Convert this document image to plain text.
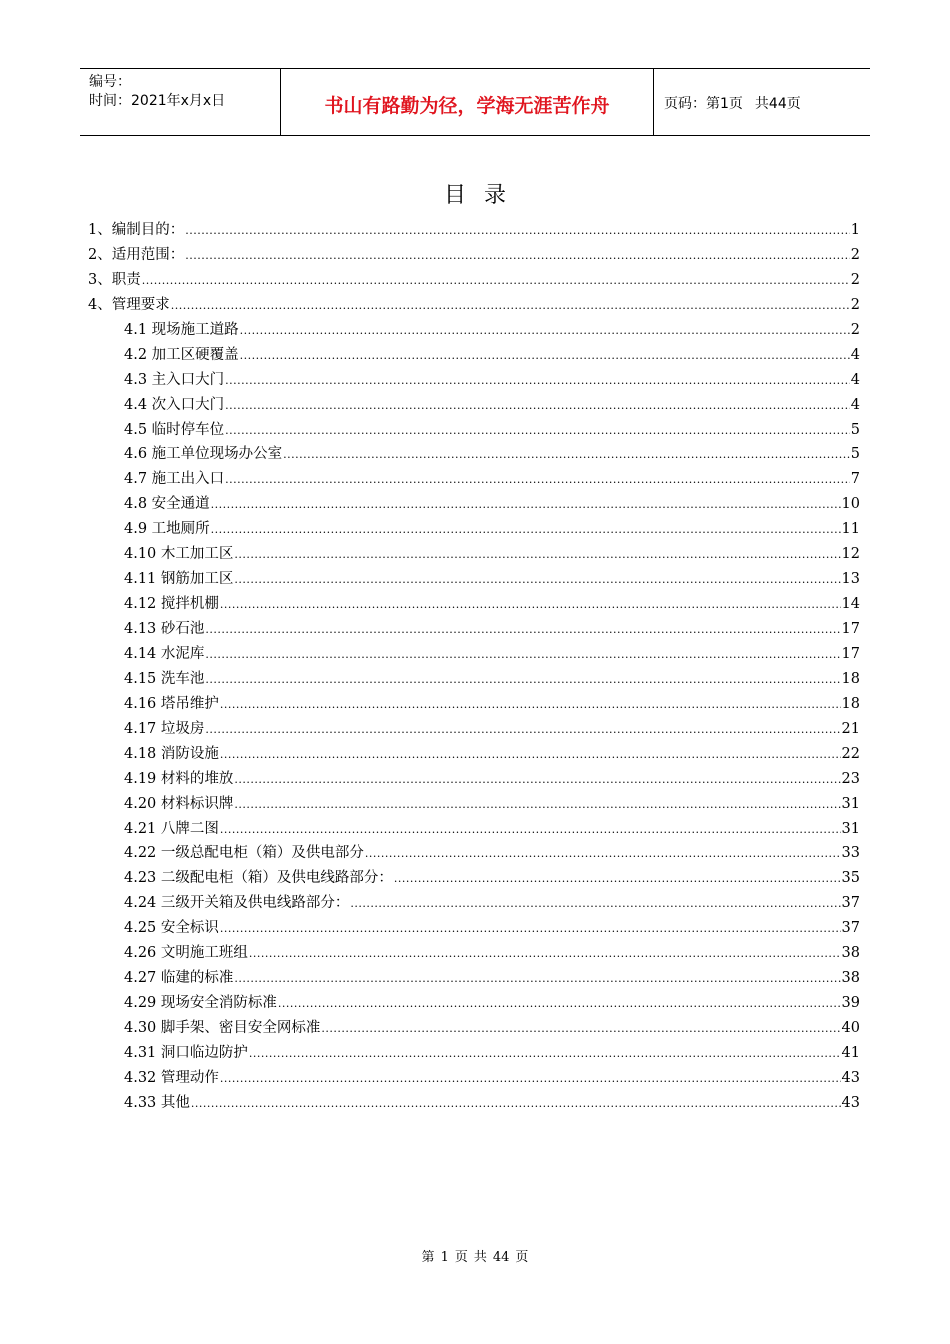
编号：
时间：2021年x月x日	书山有路勤为径，学海无涯苦作舟	页码：第1页 共44页
目录
1、编制目的： .....	1
2、适用范围： .....	2
3、职责 .....	2
4、管理要求 .....	2
4.1 现场施工道路 .....	2
4.2 加工区硬覆盖 .....	4
4.3 主入口大门 .....	4
4.4 次入口大门 .....	4
4.5 临时停车位 .....	5
4.6 施工单位现场办公室 .....	5
4.7 施工出入口 .....	7
4.8 安全通道 .....	10
4.9 工地厕所 .....	11
4.10 木工加工区 .....	12
4.11 钢筋加工区 .....	13
4.12 搅拌机棚 .....	14
4.13 砂石池 .....	17
4.14 水泥库 .....	17
4.15 洗车池 .....	18
4.16 塔吊维护 .....	18
4.17 垃圾房 .....	21
4.18 消防设施 .....	22
4.19 材料的堆放 .....	23
4.20 材料标识牌 .....	31
4.21 八牌二图 .....	31
4.22 一级总配电柜（箱）及供电部分 .....	33
4.23 二级配电柜（箱）及供电线路部分： .....	35
4.24 三级开关箱及供电线路部分： .....	37
4.25 安全标识 .....	37
4.26 文明施工班组 .....	38
4.27 临建的标准 .....	38
4.29 现场安全消防标准 .....	39
4.30 脚手架、密目安全网标准 .....	40
4.31 洞口临边防护 .....	41
4.32 管理动作 .....	43
4.33 其他 .....	43
第 1 页 共 44 页
